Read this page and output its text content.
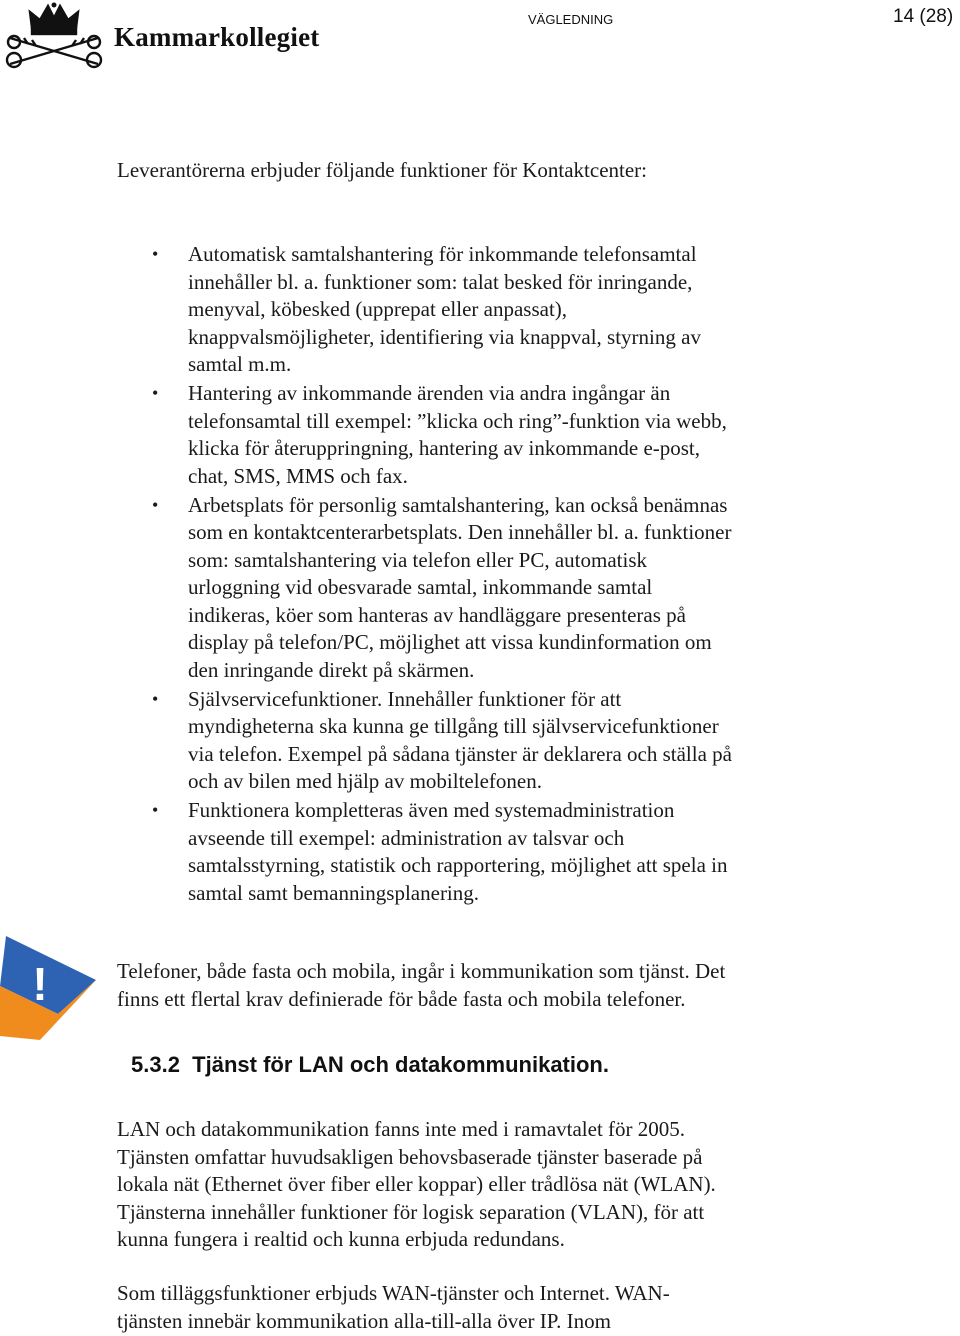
Kammarkollegiet
VÄGLEDNING	14 (28)
Leverantörerna erbjuder följande funktioner för Kontaktcenter:
• Automatisk samtalshantering för inkommande telefonsamtal
innehåller bl. a. funktioner som: talat besked för inringande,
menyval, köbesked (upprepat eller anpassat),
knappvalsmöjligheter, identifiering via knappval, styrning av
samtal m.m.
• Hantering av inkommande ärenden via andra ingångar än
telefonsamtal till exempel: ”klicka och ring”-funktion via webb,
klicka för återuppringning, hantering av inkommande e-post,
chat, SMS, MMS och fax.
• Arbetsplats för personlig samtalshantering, kan också benämnas
som en kontaktcenterarbetsplats. Den innehåller bl. a. funktioner
som: samtalshantering via telefon eller PC, automatisk
urloggning vid obesvarade samtal, inkommande samtal
indikeras, köer som hanteras av handläggare presenteras på
display på telefon/PC, möjlighet att vissa kundinformation om
den inringande direkt på skärmen.
• Självservicefunktioner. Innehåller funktioner för att
myndigheterna ska kunna ge tillgång till självservicefunktioner
via telefon. Exempel på sådana tjänster är deklarera och ställa på
och av bilen med hjälp av mobiltelefonen.
• Funktionera kompletteras även med systemadministration
avseende till exempel: administration av talsvar och
samtalsstyrning, statistik och rapportering, möjlighet att spela in
samtal samt bemanningsplanering.
!	Telefoner, både fasta och mobila, ingår i kommunikation som tjänst. Det
finns ett flertal krav definierade för både fasta och mobila telefoner.
5.3.2 Tjänst för LAN och datakommunikation.
LAN och datakommunikation fanns inte med i ramavtalet för 2005.
Tjänsten omfattar huvudsakligen behovsbaserade tjänster baserade på
lokala nät (Ethernet över fiber eller koppar) eller trådlösa nät (WLAN).
Tjänsterna innehåller funktioner för logisk separation (VLAN), för att
kunna fungera i realtid och kunna erbjuda redundans.
Som tilläggsfunktioner erbjuds WAN-tjänster och Internet. WAN-
tjänsten innebär kommunikation alla-till-alla över IP. Inom
